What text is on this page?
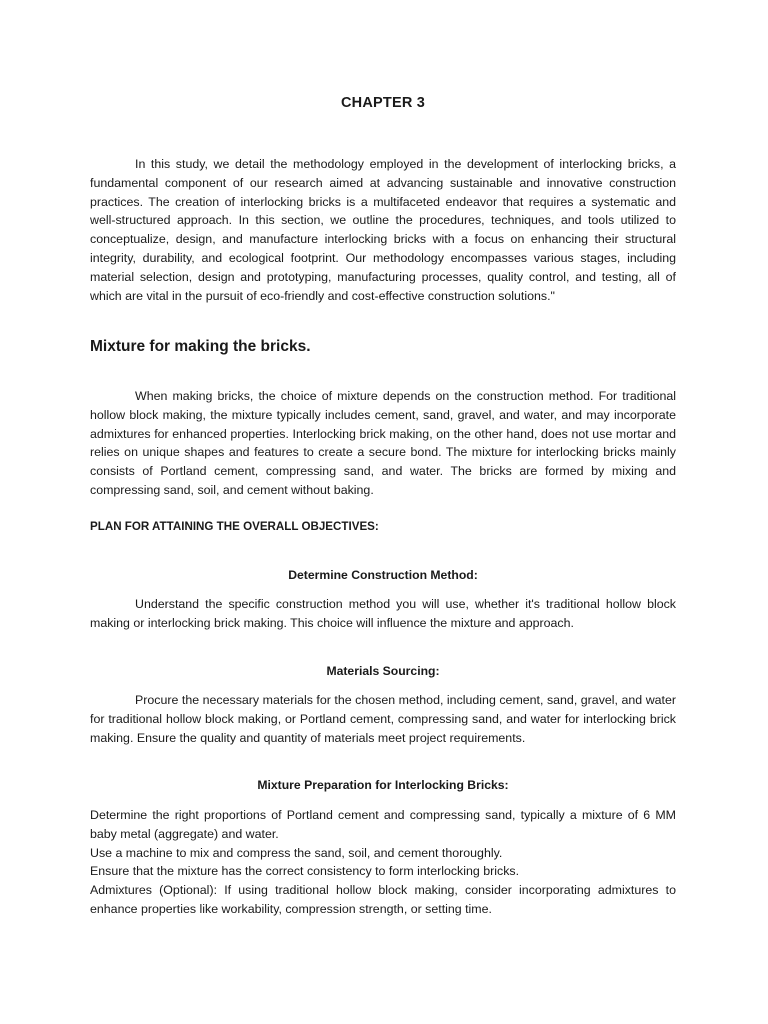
CHAPTER 3

In this study, we detail the methodology employed in the development of interlocking bricks, a fundamental component of our research aimed at advancing sustainable and innovative construction practices. The creation of interlocking bricks is a multifaceted endeavor that requires a systematic and well-structured approach. In this section, we outline the procedures, techniques, and tools utilized to conceptualize, design, and manufacture interlocking bricks with a focus on enhancing their structural integrity, durability, and ecological footprint. Our methodology encompasses various stages, including material selection, design and prototyping, manufacturing processes, quality control, and testing, all of which are vital in the pursuit of eco-friendly and cost-effective construction solutions."

Mixture for making the bricks.

When making bricks, the choice of mixture depends on the construction method. For traditional hollow block making, the mixture typically includes cement, sand, gravel, and water, and may incorporate admixtures for enhanced properties. Interlocking brick making, on the other hand, does not use mortar and relies on unique shapes and features to create a secure bond. The mixture for interlocking bricks mainly consists of Portland cement, compressing sand, and water. The bricks are formed by mixing and compressing sand, soil, and cement without baking.

PLAN FOR ATTAINING THE OVERALL OBJECTIVES:

Determine Construction Method:

Understand the specific construction method you will use, whether it's traditional hollow block making or interlocking brick making. This choice will influence the mixture and approach.

Materials Sourcing:

Procure the necessary materials for the chosen method, including cement, sand, gravel, and water for traditional hollow block making, or Portland cement, compressing sand, and water for interlocking brick making. Ensure the quality and quantity of materials meet project requirements.

Mixture Preparation for Interlocking Bricks:

Determine the right proportions of Portland cement and compressing sand, typically a mixture of 6 MM baby metal (aggregate) and water.

Use a machine to mix and compress the sand, soil, and cement thoroughly.

Ensure that the mixture has the correct consistency to form interlocking bricks.

Admixtures (Optional): If using traditional hollow block making, consider incorporating admixtures to enhance properties like workability, compression strength, or setting time.
